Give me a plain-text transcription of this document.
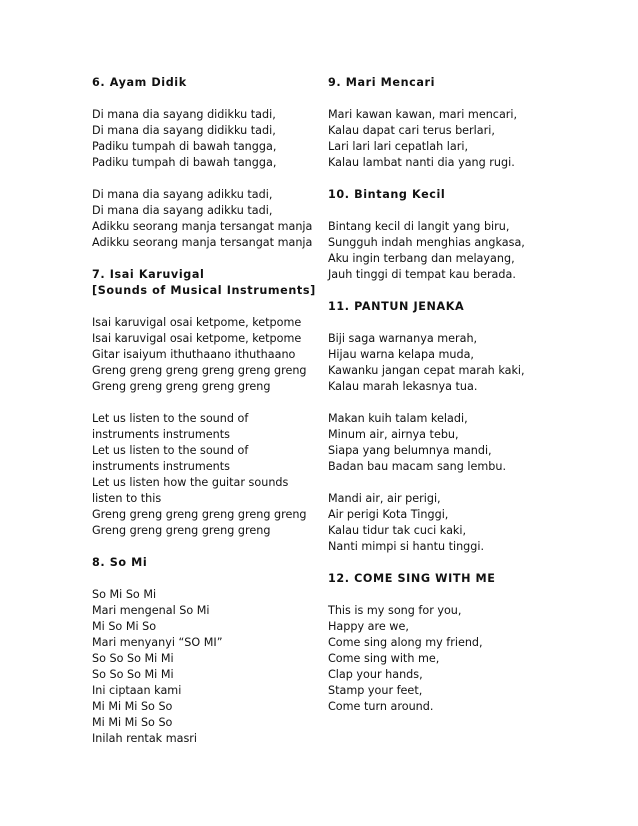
6. Ayam Didik
Di mana dia sayang didikku tadi,
Di mana dia sayang didikku tadi,
Padiku tumpah di bawah tangga,
Padiku tumpah di bawah tangga,
Di mana dia sayang adikku tadi,
Di mana dia sayang adikku tadi,
Adikku seorang manja tersangat manja
Adikku seorang manja tersangat manja
7. Isai Karuvigal
[Sounds of Musical Instruments]
Isai karuvigal osai ketpome, ketpome
Isai karuvigal osai ketpome, ketpome
Gitar isaiyum ithuthaano ithuthaano
Greng greng greng greng greng greng
Greng greng greng greng greng
Let us listen to the sound of
instruments instruments
Let us listen to the sound of
instruments instruments
Let us listen how the guitar sounds
listen to this
Greng greng greng greng greng greng
Greng greng greng greng greng
8. So Mi
So Mi So Mi
Mari mengenal So Mi
Mi So Mi So
Mari menyanyi “SO MI”
So So So Mi Mi
So So So Mi Mi
Ini ciptaan kami
Mi Mi Mi So So
Mi Mi Mi So So
Inilah rentak masri
9. Mari Mencari
Mari kawan kawan, mari mencari,
Kalau dapat cari terus berlari,
Lari lari lari cepatlah lari,
Kalau lambat nanti dia yang rugi.
10. Bintang Kecil
Bintang kecil di langit yang biru,
Sungguh indah menghias angkasa,
Aku ingin terbang dan melayang,
Jauh tinggi di tempat kau berada.
11. PANTUN JENAKA
Biji saga warnanya merah,
Hijau warna kelapa muda,
Kawanku jangan cepat marah kaki,
Kalau marah lekasnya tua.
Makan kuih talam keladi,
Minum air, airnya tebu,
Siapa yang belumnya mandi,
Badan bau macam sang lembu.
Mandi air, air perigi,
Air perigi Kota Tinggi,
Kalau tidur tak cuci kaki,
Nanti mimpi si hantu tinggi.
12. COME SING WITH ME
This is my song for you,
Happy are we,
Come sing along my friend,
Come sing with me,
Clap your hands,
Stamp your feet,
Come turn around.
